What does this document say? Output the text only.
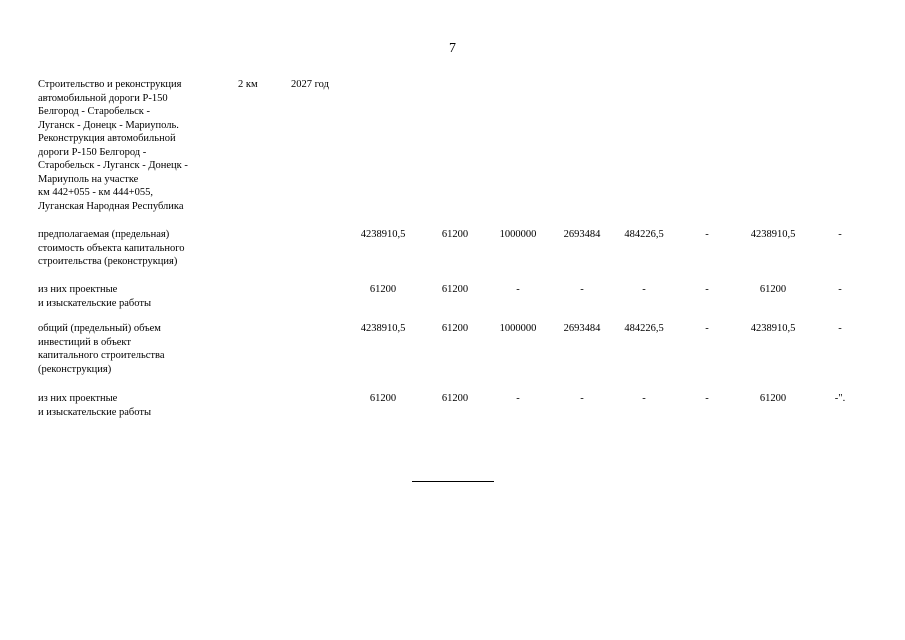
7
Строительство и реконструкция
автомобильной дороги Р-150
Белгород - Старобельск -
Луганск - Донецк - Мариуполь.
Реконструкция автомобильной
дороги Р-150 Белгород -
Старобельск - Луганск - Донецк -
Мариуполь на участке
км 442+055 - км 444+055,
Луганская Народная Республика
2 км	2027 год
предполагаемая (предельная)
стоимость объекта капитального
строительства (реконструкция)
4238910,5	61200	1000000	2693484	484226,5	-	4238910,5	-
из них проектные
и изыскательские работы
61200	61200	-	-	-	-	61200	-
общий (предельный) объем
инвестиций в объект
капитального строительства
(реконструкция)
4238910,5	61200	1000000	2693484	484226,5	-	4238910,5	-
из них проектные
и изыскательские работы
61200	61200	-	-	-	-	61200	-".
